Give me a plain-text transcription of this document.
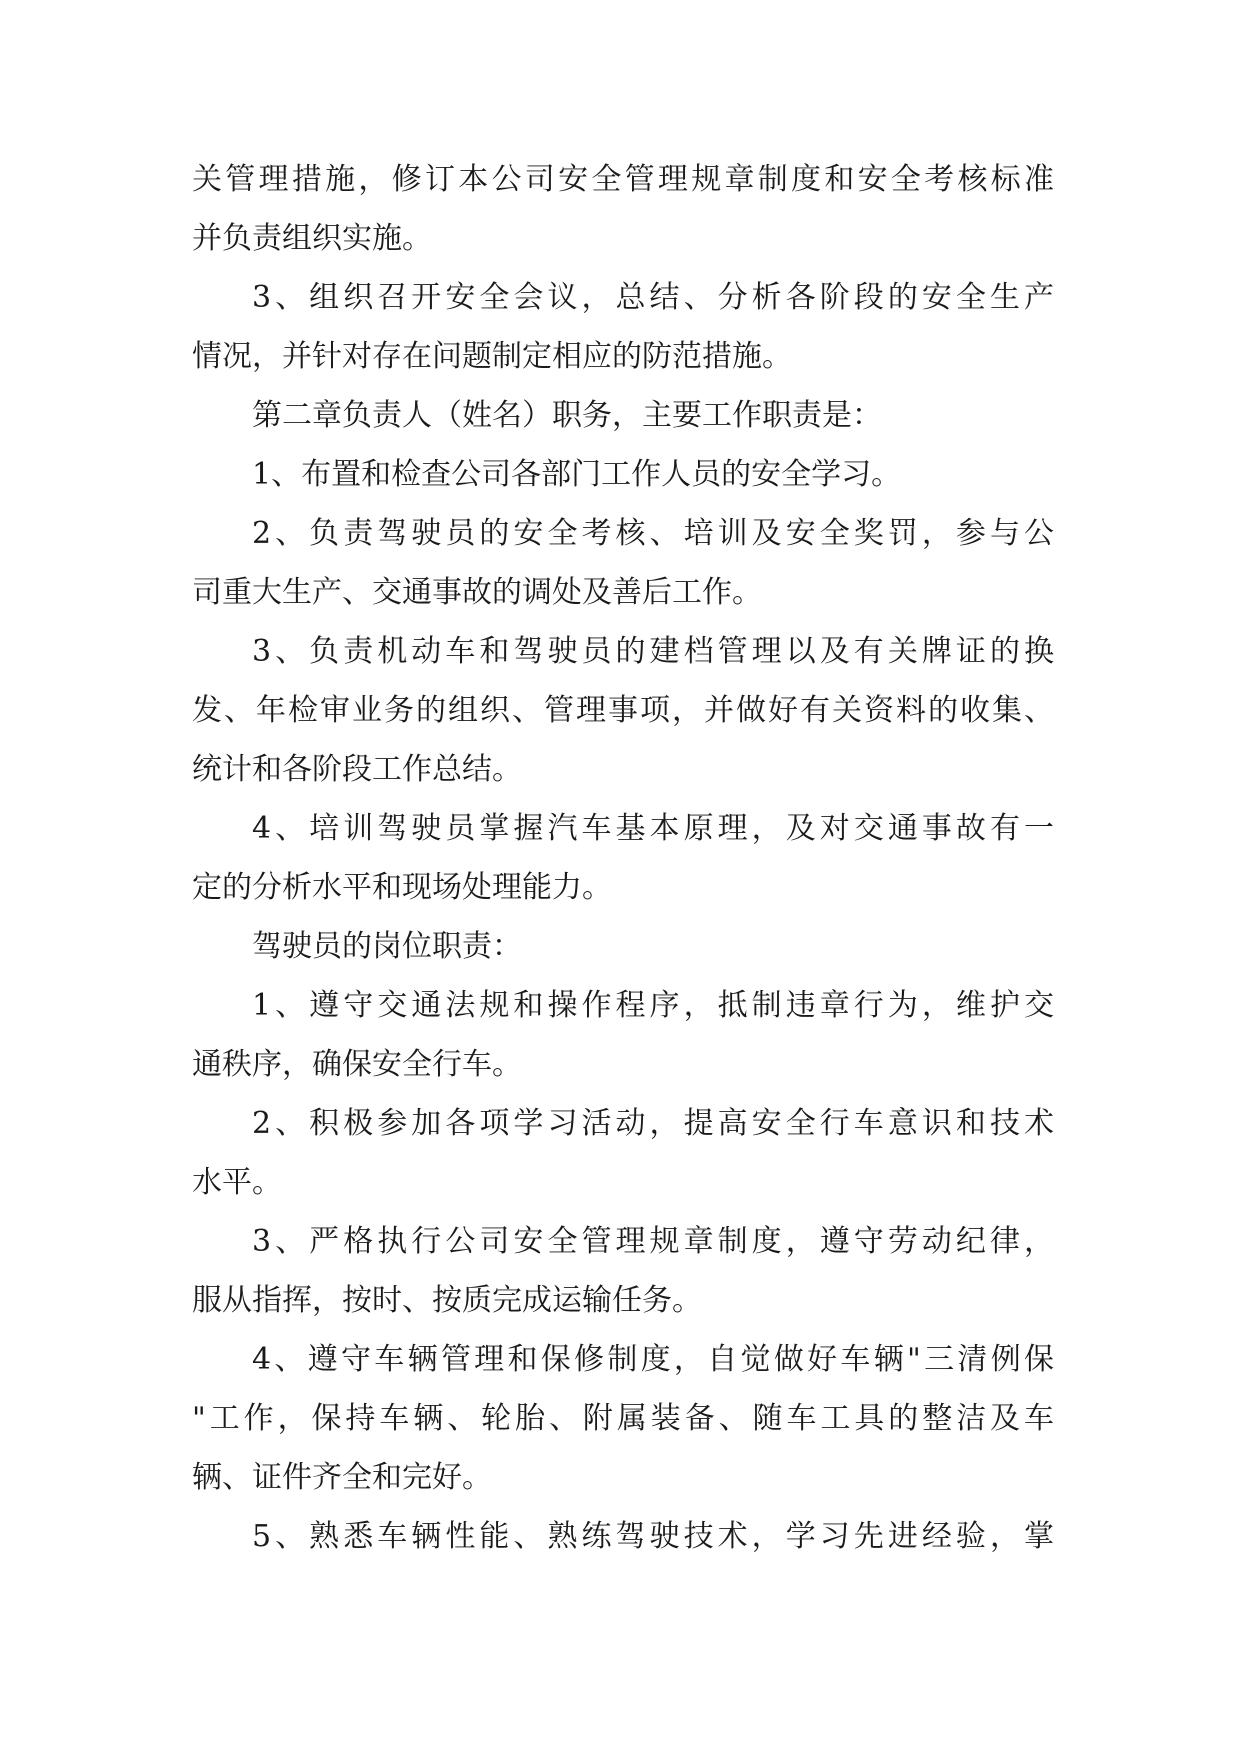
关管理措施，修订本公司安全管理规章制度和安全考核标准
并负责组织实施。
3、组织召开安全会议，总结、分析各阶段的安全生产
情况，并针对存在问题制定相应的防范措施。
第二章负责人（姓名）职务，主要工作职责是：
1、布置和检查公司各部门工作人员的安全学习。
2、负责驾驶员的安全考核、培训及安全奖罚，参与公
司重大生产、交通事故的调处及善后工作。
3、负责机动车和驾驶员的建档管理以及有关牌证的换
发、年检审业务的组织、管理事项，并做好有关资料的收集、
统计和各阶段工作总结。
4、培训驾驶员掌握汽车基本原理，及对交通事故有一
定的分析水平和现场处理能力。
驾驶员的岗位职责：
1、遵守交通法规和操作程序，抵制违章行为，维护交
通秩序，确保安全行车。
2、积极参加各项学习活动，提高安全行车意识和技术
水平。
3、严格执行公司安全管理规章制度，遵守劳动纪律，
服从指挥，按时、按质完成运输任务。
4、遵守车辆管理和保修制度，自觉做好车辆"三清例保
"工作，保持车辆、轮胎、附属装备、随车工具的整洁及车
辆、证件齐全和完好。
5、熟悉车辆性能、熟练驾驶技术，学习先进经验，掌
